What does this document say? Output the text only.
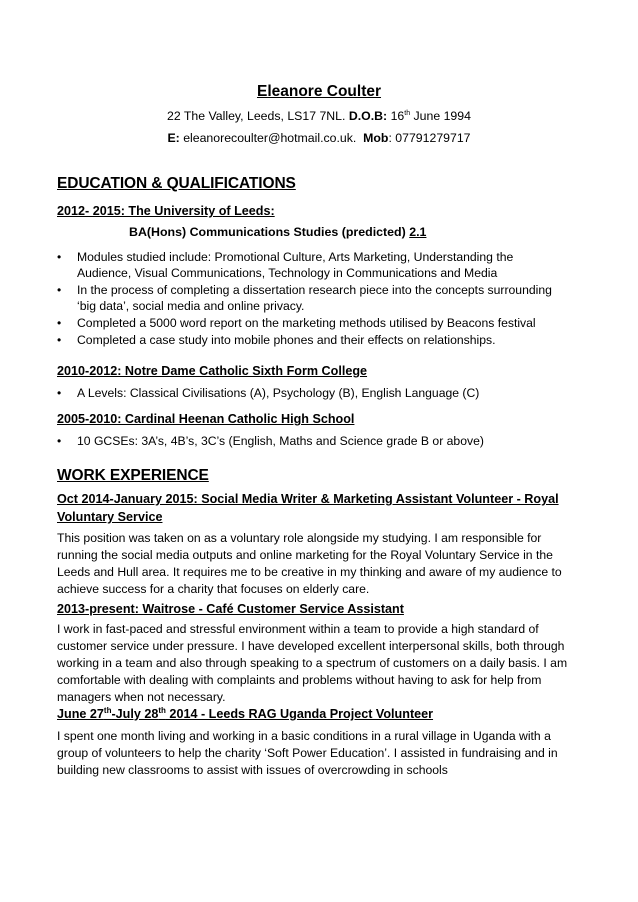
Eleanore Coulter
22 The Valley, Leeds, LS17 7NL. D.O.B: 16th June 1994
E: eleanorecoulter@hotmail.co.uk. Mob: 07791279717
EDUCATION & QUALIFICATIONS
2012- 2015: The University of Leeds:
BA(Hons) Communications Studies (predicted) 2.1
• Modules studied include: Promotional Culture, Arts Marketing, Understanding the Audience, Visual Communications, Technology in Communications and Media
• In the process of completing a dissertation research piece into the concepts surrounding ‘big data’, social media and online privacy.
• Completed a 5000 word report on the marketing methods utilised by Beacons festival
• Completed a case study into mobile phones and their effects on relationships.
2010-2012: Notre Dame Catholic Sixth Form College
• A Levels: Classical Civilisations (A), Psychology (B), English Language (C)
2005-2010: Cardinal Heenan Catholic High School
• 10 GCSEs: 3A’s, 4B’s, 3C’s (English, Maths and Science grade B or above)
WORK EXPERIENCE
Oct 2014-January 2015: Social Media Writer & Marketing Assistant Volunteer - Royal Voluntary Service

This position was taken on as a voluntary role alongside my studying. I am responsible for running the social media outputs and online marketing for the Royal Voluntary Service in the Leeds and Hull area. It requires me to be creative in my thinking and aware of my audience to achieve success for a charity that focuses on elderly care.

2013-present: Waitrose - Café Customer Service Assistant

I work in fast-paced and stressful environment within a team to provide a high standard of customer service under pressure. I have developed excellent interpersonal skills, both through working in a team and also through speaking to a spectrum of customers on a daily basis. I am comfortable with dealing with complaints and problems without having to ask for help from managers when not necessary.

June 27th-July 28th 2014 - Leeds RAG Uganda Project Volunteer

I spent one month living and working in a basic conditions in a rural village in Uganda with a group of volunteers to help the charity ‘Soft Power Education’. I assisted in fundraising and in building new classrooms to assist with issues of overcrowding in schools
